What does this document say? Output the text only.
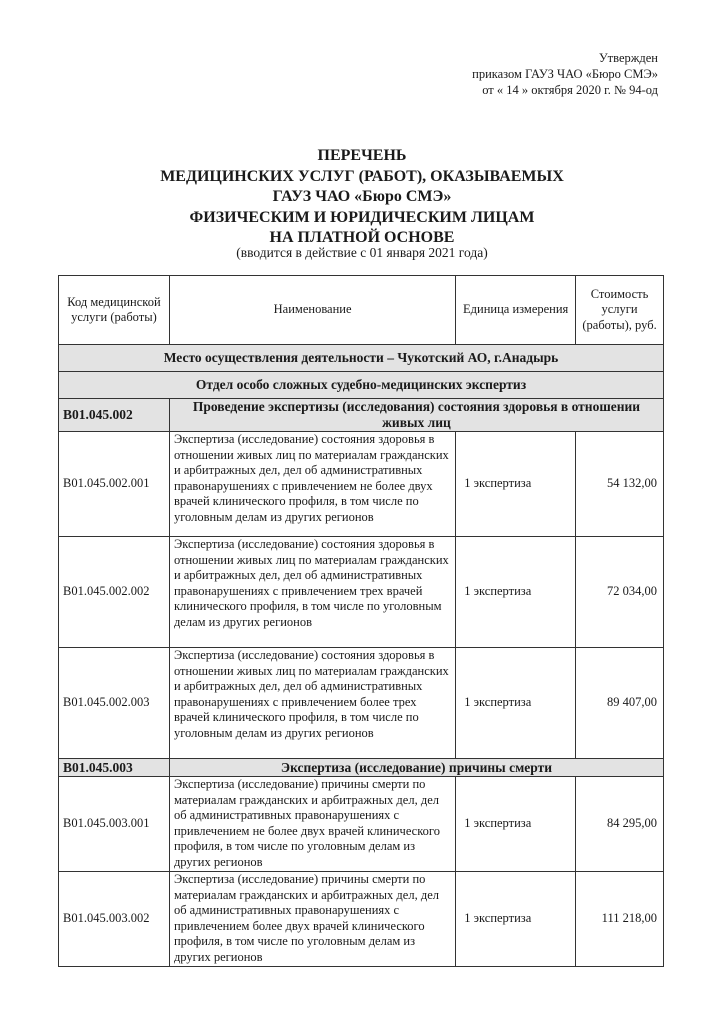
Утвержден
приказом ГАУЗ ЧАО «Бюро СМЭ»
от « 14 » октября 2020 г. № 94-од
ПЕРЕЧЕНЬ
МЕДИЦИНСКИХ УСЛУГ (РАБОТ), ОКАЗЫВАЕМЫХ
ГАУЗ ЧАО «Бюро СМЭ»
ФИЗИЧЕСКИМ И ЮРИДИЧЕСКИМ ЛИЦАМ
НА ПЛАТНОЙ ОСНОВЕ
(вводится в действие с 01 января 2021 года)
Код медицинской услуги (работы)	Наименование	Единица измерения	Стоимость услуги (работы), руб.
Место осуществления деятельности – Чукотский АО, г.Анадырь			
Отдел особо сложных судебно-медицинских экспертиз			
B01.045.002	Проведение экспертизы (исследования) состояния здоровья в отношении живых лиц		
B01.045.002.001	Экспертиза (исследование) состояния здоровья в отношении живых лиц по материалам гражданских и арбитражных дел, дел об административных правонарушениях с привлечением не более двух врачей клинического профиля, в том числе по уголовным делам из других регионов	1 экспертиза	54 132,00
B01.045.002.002	Экспертиза (исследование) состояния здоровья в отношении живых лиц по материалам гражданских и арбитражных дел, дел об административных правонарушениях с привлечением трех врачей клинического профиля, в том числе по уголовным делам из других регионов	1 экспертиза	72 034,00
B01.045.002.003	Экспертиза (исследование) состояния здоровья в отношении живых лиц по материалам гражданских и арбитражных дел, дел об административных правонарушениях с привлечением более трех врачей клинического профиля, в том числе по уголовным делам из других регионов	1 экспертиза	89 407,00
B01.045.003	Экспертиза (исследование) причины смерти		
B01.045.003.001	Экспертиза (исследование) причины смерти по материалам гражданских и арбитражных дел, дел об административных правонарушениях с привлечением не более двух врачей клинического профиля, в том числе по уголовным делам из других регионов	1 экспертиза	84 295,00
B01.045.003.002	Экспертиза (исследование) причины смерти по материалам гражданских и арбитражных дел, дел об административных правонарушениях с привлечением более двух врачей клинического профиля, в том числе по уголовным делам из других регионов	1 экспертиза	111 218,00
